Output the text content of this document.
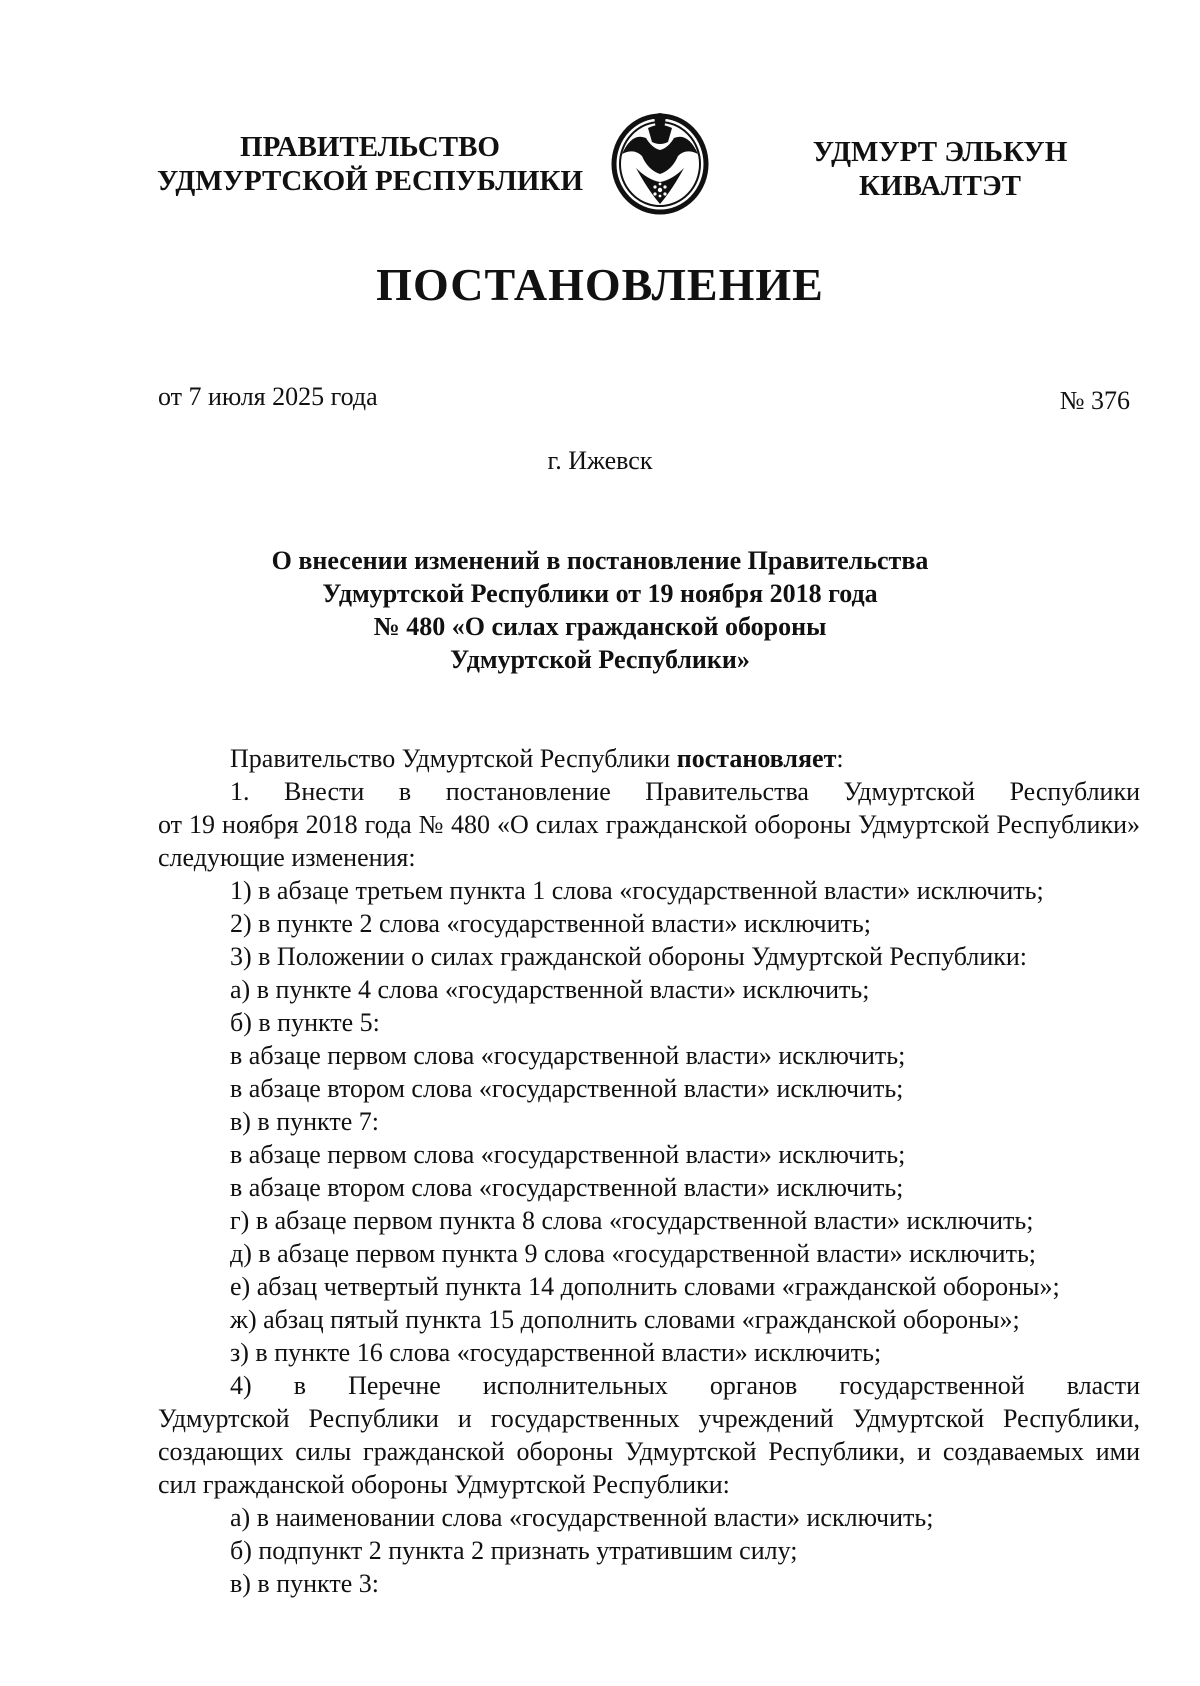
ПРАВИТЕЛЬСТВО
УДМУРТСКОЙ РЕСПУБЛИКИ
УДМУРТ ЭЛЬКУН
КИВАЛТЭТ
ПОСТАНОВЛЕНИЕ
от 7 июля 2025 года	№ 376
г. Ижевск
О внесении изменений в постановление Правительства
Удмуртской Республики от 19 ноября 2018 года
№ 480 «О силах гражданской обороны
Удмуртской Республики»

Правительство Удмуртской Республики постановляет:

1. Внести в постановление Правительства Удмуртской Республики

от 19 ноября 2018 года № 480 «О силах гражданской обороны Удмуртской Республики» следующие изменения:

1) в абзаце третьем пункта 1 слова «государственной власти» исключить;

2) в пункте 2 слова «государственной власти» исключить;

3) в Положении о силах гражданской обороны Удмуртской Республики:

а) в пункте 4 слова «государственной власти» исключить;

б) в пункте 5:

в абзаце первом слова «государственной власти» исключить;

в абзаце втором слова «государственной власти» исключить;

в) в пункте 7:

в абзаце первом слова «государственной власти» исключить;

в абзаце втором слова «государственной власти» исключить;

г) в абзаце первом пункта 8 слова «государственной власти» исключить;

д) в абзаце первом пункта 9 слова «государственной власти» исключить;

е) абзац четвертый пункта 14 дополнить словами «гражданской обороны»;

ж) абзац пятый пункта 15 дополнить словами «гражданской обороны»;

з) в пункте 16 слова «государственной власти» исключить;

4) в Перечне исполнительных органов государственной власти

Удмуртской Республики и государственных учреждений Удмуртской Республики, создающих силы гражданской обороны Удмуртской Республики, и создаваемых ими сил гражданской обороны Удмуртской Республики:

а) в наименовании слова «государственной власти» исключить;

б) подпункт 2 пункта 2 признать утратившим силу;

в) в пункте 3:
